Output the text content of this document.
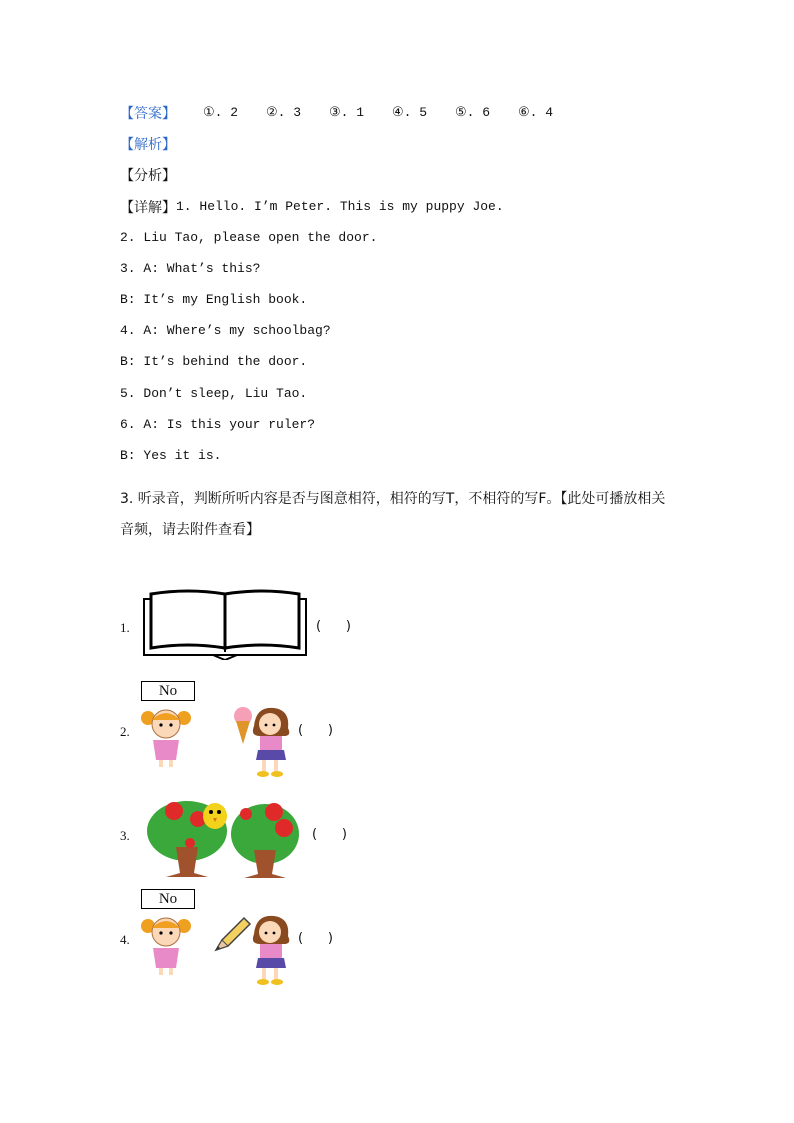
【答案】 ①. 2 ②. 3 ③. 1 ④. 5 ⑤. 6 ⑥. 4
【解析】
【分析】
【详解】 1. Hello. I’m Peter. This is my puppy Joe.
2. Liu Tao, please open the door.
3. A: What’s this?
B: It’s my English book.
4. A: Where’s my schoolbag?
B: It’s behind the door.
5. Don’t sleep, Liu Tao.
6. A: Is this your ruler?
B: Yes it is.
3. 听录音，判断所听内容是否与图意相符，相符的写T，不相符的写F。【此处可播放相关
音频，请去附件查看】
1.	(      )
No
2.	(      )
3.	(      )
No
4.	(      )
